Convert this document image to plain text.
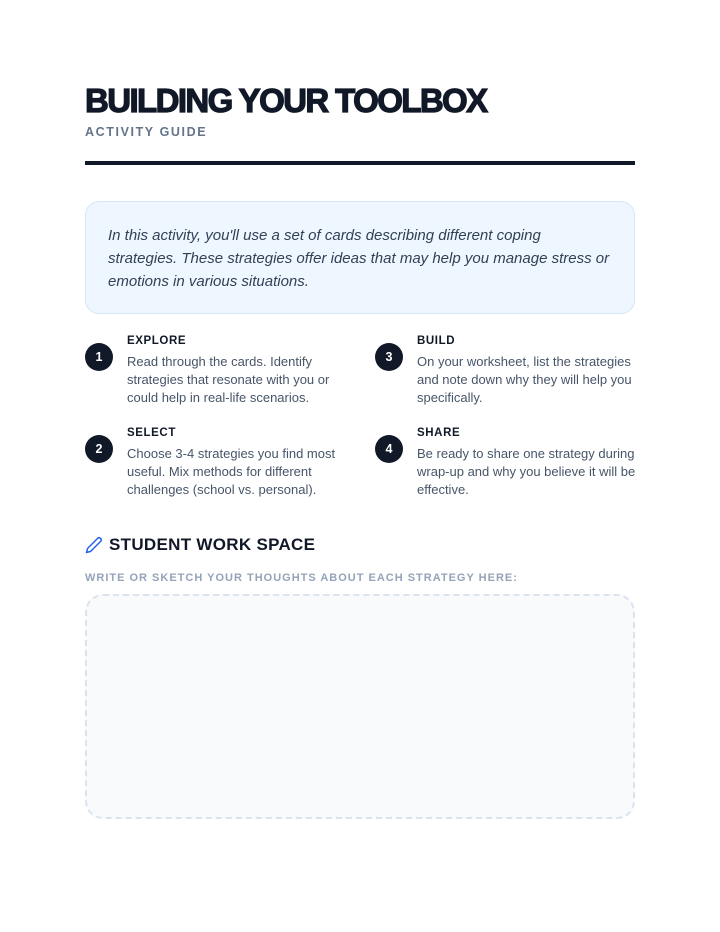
BUILDING YOUR TOOLBOX
ACTIVITY GUIDE

In this activity, you'll use a set of cards describing different coping strategies. These strategies offer ideas that may help you manage stress or emotions in various situations.

1
EXPLORE

Read through the cards. Identify strategies that resonate with you or could help in real-life scenarios.

2
SELECT

Choose 3-4 strategies you find most useful. Mix methods for different challenges (school vs. personal).

3
BUILD

On your worksheet, list the strategies and note down why they will help you specifically.

4
SHARE

Be ready to share one strategy during wrap-up and why you believe it will be effective.

STUDENT WORK SPACE
WRITE OR SKETCH YOUR THOUGHTS ABOUT EACH STRATEGY HERE:
